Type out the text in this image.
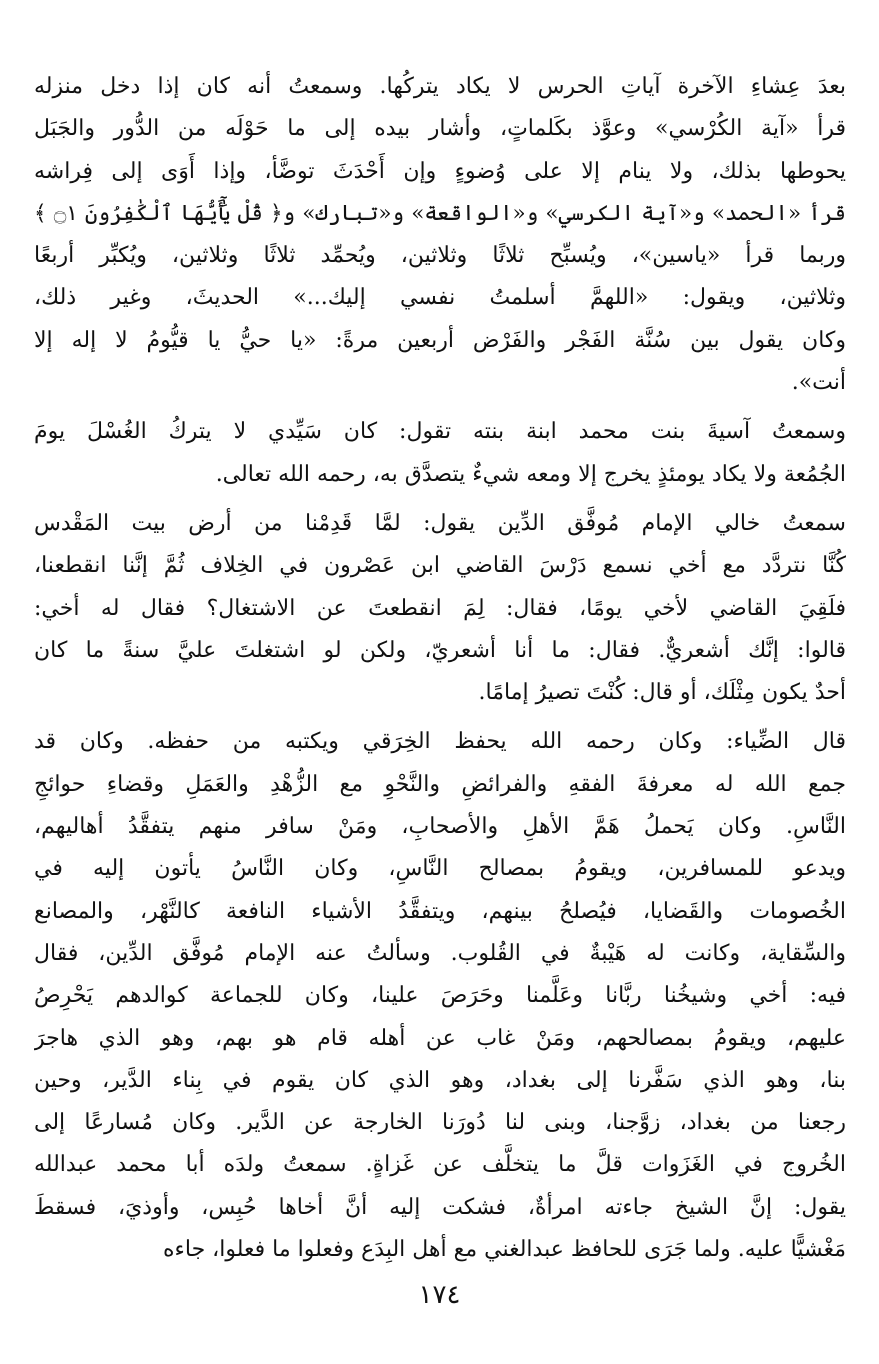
بعدَ عِشاءِ الآخرة آياتِ الحرس لا يكاد يتركُها. وسمعتُ أنه كان إذا دخل منزله
قرأ «آية الكُرْسي» وعوَّذ بكَلماتٍ، وأشار بيده إلى ما حَوْلَه من الدُّور والجَبَل
يحوطها بذلك، ولا ينام إلا على وُضوءٍ وإن أَحْدَثَ توضَّأ، وإذا أَوَى إلى فِراشه
قرأ «الحمد» و«آية الكرسي» و«الواقعة» و«تبارك» و﴿ قُلْ يَٰٓأَيُّهَا ٱلْكَٰفِرُونَ ۝١ ﴾
وربما قرأ «ياسين»، ويُسبِّح ثلاثًا وثلاثين، ويُحمِّد ثلاثًا وثلاثين، ويُكبِّر أربعًا
وثلاثين، ويقول: «اللهمَّ أسلمتُ نفسي إليك...» الحديثَ، وغير ذلك،
وكان يقول بين سُنَّة الفَجْر والفَرْض أربعين مرةً: «يا حيُّ يا قيُّومُ لا إله إلا
أنت».
وسمعتُ آسيةَ بنت محمد ابنة بنته تقول: كان سَيِّدي لا يتركُ الغُسْلَ يومَ
الجُمُعة ولا يكاد يومئذٍ يخرج إلا ومعه شيءٌ يتصدَّق به، رحمه الله تعالى.
سمعتُ خالي الإمام مُوفَّق الدِّين يقول: لمَّا قَدِمْنا من أرض بيت المَقْدس
كُنَّا نتردَّد مع أخي نسمع دَرْسَ القاضي ابن عَصْرون في الخِلاف ثُمَّ إنَّنا انقطعنا،
فلَقِيَ القاضي لأخي يومًا، فقال: لِمَ انقطعتَ عن الاشتغال؟ فقال له أخي:
قالوا: إنَّك أشعريٌّ. فقال: ما أنا أشعريّ، ولكن لو اشتغلتَ عليَّ سنةً ما كان
أحدٌ يكون مِثْلَك، أو قال: كُنْتَ تصيرُ إمامًا.
قال الضِّياء: وكان رحمه الله يحفظ الخِرَقي ويكتبه من حفظه. وكان قد
جمع الله له معرفةَ الفقهِ والفرائضِ والنَّحْوِ مع الزُّهْدِ والعَمَلِ وقضاءِ حوائجِ
النَّاسِ. وكان يَحملُ هَمَّ الأهلِ والأصحابِ، ومَنْ سافر منهم يتفقَّدُ أهاليهم،
ويدعو للمسافرين، ويقومُ بمصالح النَّاسِ، وكان النَّاسُ يأتون إليه في
الخُصومات والقَضايا، فيُصلحُ بينهم، ويتفقَّدُ الأشياء النافعة كالنَّهْر، والمصانع
والسِّقاية، وكانت له هَيْبةٌ في القُلوب. وسألتُ عنه الإمام مُوفَّق الدِّين، فقال
فيه: أخي وشيخُنا ربَّانا وعَلَّمنا وحَرَصَ علينا، وكان للجماعة كوالدهم يَحْرِصُ
عليهم، ويقومُ بمصالحهم، ومَنْ غاب عن أهله قام هو بهم، وهو الذي هاجرَ
بنا، وهو الذي سَفَّرنا إلى بغداد، وهو الذي كان يقوم في بِناء الدَّير، وحين
رجعنا من بغداد، زوَّجنا، وبنى لنا دُورَنا الخارجة عن الدَّير. وكان مُسارعًا إلى
الخُروج في الغَزَوات قلَّ ما يتخلَّف عن غَزاةٍ. سمعتُ ولدَه أبا محمد عبدالله
يقول: إنَّ الشيخ جاءته امرأةٌ، فشكت إليه أنَّ أخاها حُبِس، وأوذيَ، فسقطَ
مَغْشيًّا عليه. ولما جَرَى للحافظ عبدالغني مع أهل البِدَع وفعلوا ما فعلوا، جاءه
١٧٤
